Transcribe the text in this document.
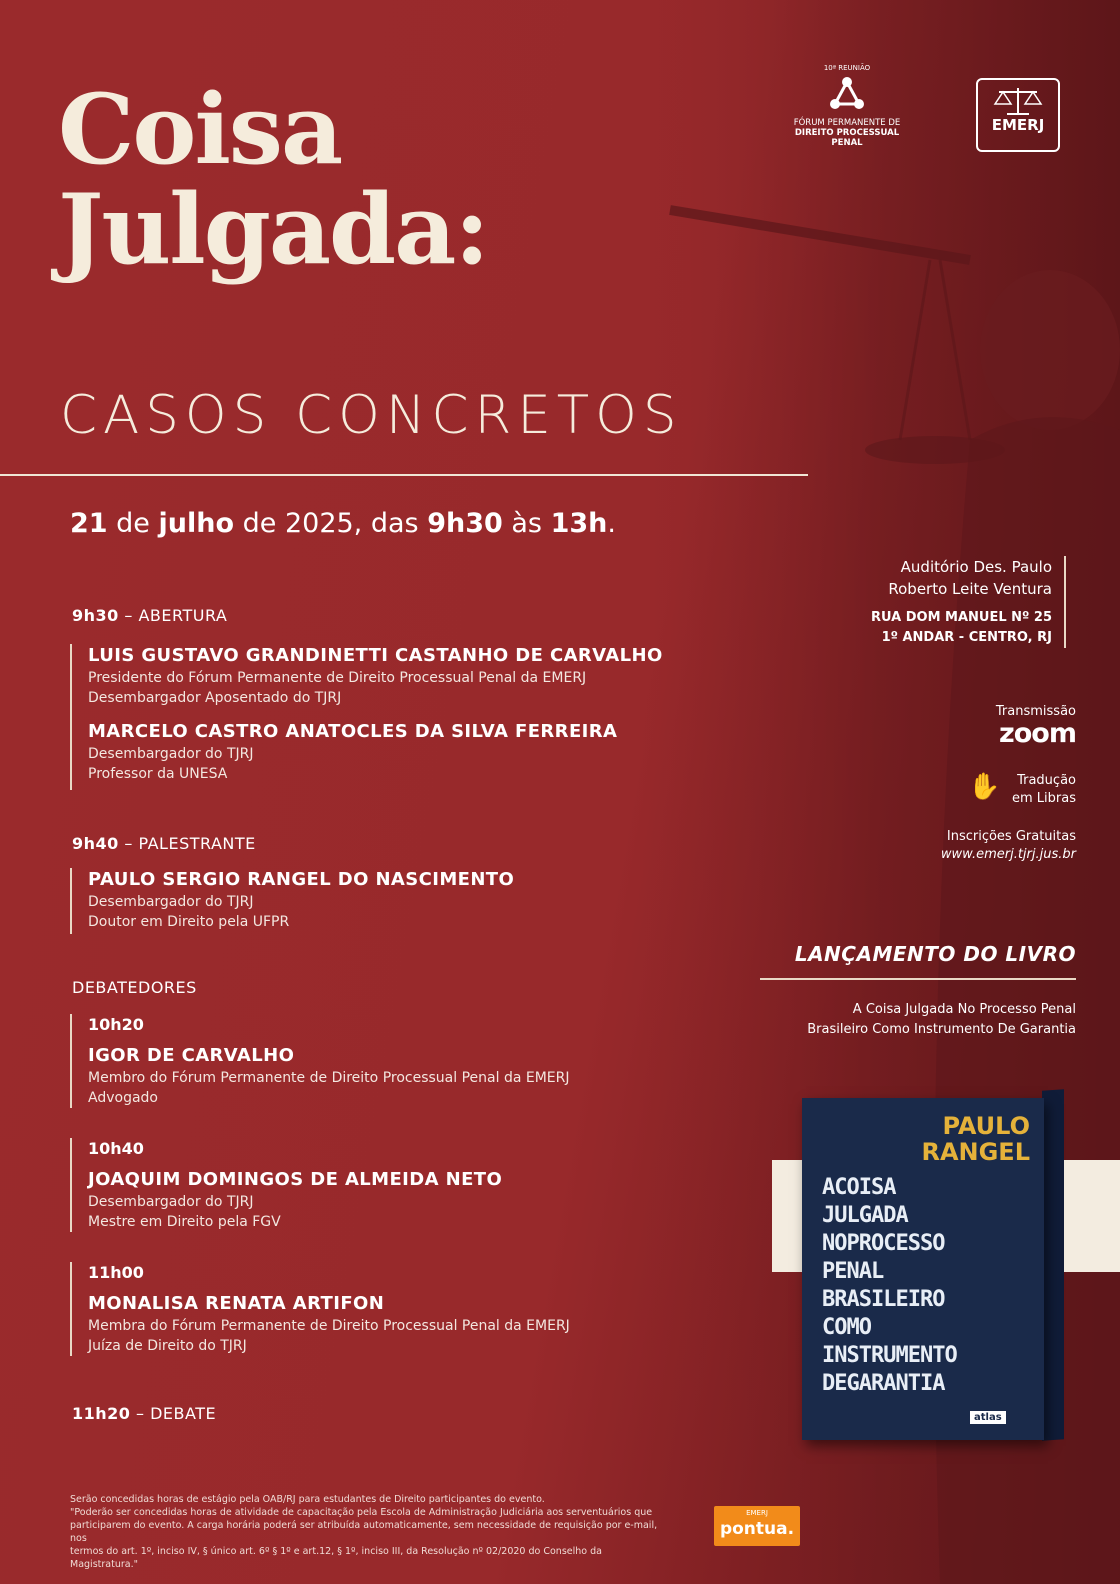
Coisa
Julgada:
CASOS CONCRETOS
21 de julho de 2025, das 9h30 às 13h.
10ª REUNIÃO
FÓRUM PERMANENTE DE
DIREITO PROCESSUAL PENAL
EMERJ
Auditório Des. Paulo
Roberto Leite Ventura
RUA DOM MANUEL Nº 25
1º ANDAR - CENTRO, RJ
Transmissão
zoom
✋	Tradução
em Libras
Inscrições Gratuitas
www.emerj.tjrj.jus.br
LANÇAMENTO DO LIVRO
A Coisa Julgada No Processo Penal
Brasileiro Como Instrumento De Garantia
PAULO
RANGEL
ACOISA
JULGADA
NOPROCESSO
PENAL
BRASILEIRO
COMO
INSTRUMENTO
DEGARANTIA
atlas
9h30 – ABERTURA

LUIS GUSTAVO GRANDINETTI CASTANHO DE CARVALHO

Presidente do Fórum Permanente de Direito Processual Penal da EMERJ

Desembargador Aposentado do TJRJ

MARCELO CASTRO ANATOCLES DA SILVA FERREIRA

Desembargador do TJRJ

Professor da UNESA

9h40 – PALESTRANTE

PAULO SERGIO RANGEL DO NASCIMENTO

Desembargador do TJRJ

Doutor em Direito pela UFPR

DEBATEDORES

10h20

IGOR DE CARVALHO

Membro do Fórum Permanente de Direito Processual Penal da EMERJ

Advogado

10h40

JOAQUIM DOMINGOS DE ALMEIDA NETO

Desembargador do TJRJ

Mestre em Direito pela FGV

11h00

MONALISA RENATA ARTIFON

Membra do Fórum Permanente de Direito Processual Penal da EMERJ

Juíza de Direito do TJRJ

11h20 – DEBATE
Serão concedidas horas de estágio pela OAB/RJ para estudantes de Direito participantes do evento.
"Poderão ser concedidas horas de atividade de capacitação pela Escola de Administração Judiciária aos serventuários que
participarem do evento. A carga horária poderá ser atribuída automaticamente, sem necessidade de requisição por e-mail, nos
termos do art. 1º, inciso IV, § único art. 6º § 1º e art.12, § 1º, inciso III, da Resolução nº 02/2020 do Conselho da Magistratura."
EMERJ
pontua.
